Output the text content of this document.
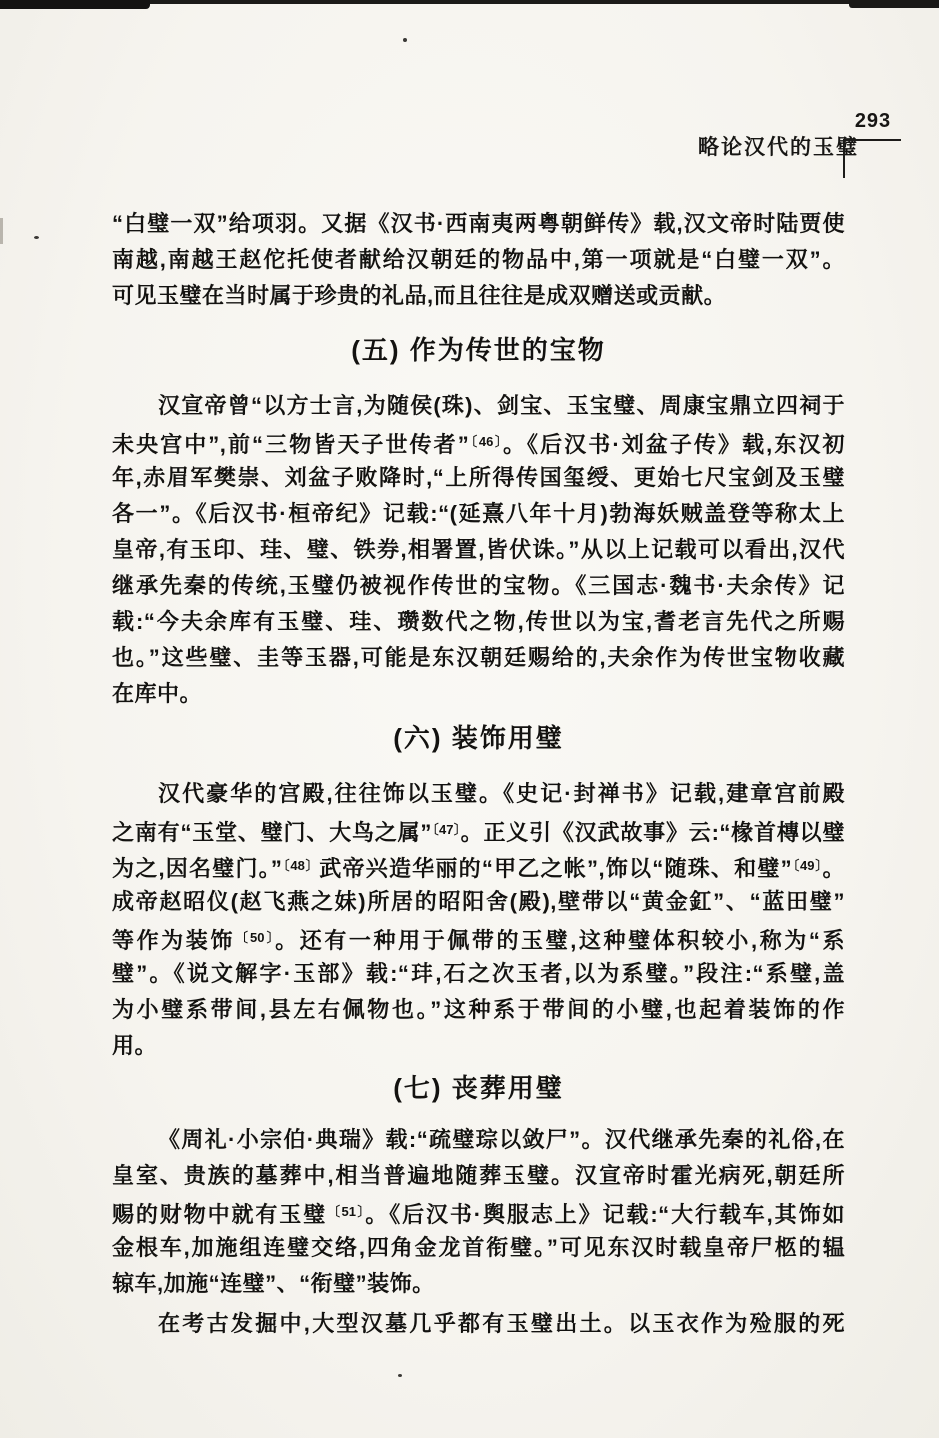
略论汉代的玉璧
293
“白璧一双”给项羽。又据《汉书·西南夷两粤朝鲜传》载,汉文帝时陆贾使
南越,南越王赵佗托使者献给汉朝廷的物品中,第一项就是“白璧一双”。
可见玉璧在当时属于珍贵的礼品,而且往往是成双赠送或贡献。
(五) 作为传世的宝物
汉宣帝曾“以方士言,为随侯(珠)、剑宝、玉宝璧、周康宝鼎立四祠于
未央宫中”,前“三物皆天子世传者”$^{〔46〕}$。《后汉书·刘盆子传》载,东汉初
年,赤眉军樊崇、刘盆子败降时,“上所得传国玺绶、更始七尺宝剑及玉璧
各一”。《后汉书·桓帝纪》记载:“(延熹八年十月)勃海妖贼盖登等称太上
皇帝,有玉印、珪、璧、铁券,相署置,皆伏诛。”从以上记载可以看出,汉代
继承先秦的传统,玉璧仍被视作传世的宝物。《三国志·魏书·夫余传》记
载:“今夫余库有玉璧、珪、瓒数代之物,传世以为宝,耆老言先代之所赐
也。”这些璧、圭等玉器,可能是东汉朝廷赐给的,夫余作为传世宝物收藏
在库中。
(六) 装饰用璧
汉代豪华的宫殿,往往饰以玉璧。《史记·封禅书》记载,建章宫前殿
之南有“玉堂、璧门、大鸟之属”$^{〔47〕}$。正义引《汉武故事》云:“椽首槫以璧
为之,因名璧门。”$^{〔48〕}$武帝兴造华丽的“甲乙之帐”,饰以“随珠、和璧”$^{〔49〕}$。
成帝赵昭仪(赵飞燕之妹)所居的昭阳舍(殿),壁带以“黄金釭”、“蓝田璧”
等作为装饰$^{〔50〕}$。还有一种用于佩带的玉璧,这种璧体积较小,称为“系
璧”。《说文解字·玉部》载:“玤,石之次玉者,以为系璧。”段注:“系璧,盖
为小璧系带间,县左右佩物也。”这种系于带间的小璧,也起着装饰的作
用。
(七) 丧葬用璧
《周礼·小宗伯·典瑞》载:“疏璧琮以敛尸”。汉代继承先秦的礼俗,在
皇室、贵族的墓葬中,相当普遍地随葬玉璧。汉宣帝时霍光病死,朝廷所
赐的财物中就有玉璧$^{〔51〕}$。《后汉书·舆服志上》记载:“大行载车,其饰如
金根车,加施组连璧交络,四角金龙首衔璧。”可见东汉时载皇帝尸柩的辒
辌车,加施“连璧”、“衔璧”装饰。
在考古发掘中,大型汉墓几乎都有玉璧出土。以玉衣作为殓服的死
